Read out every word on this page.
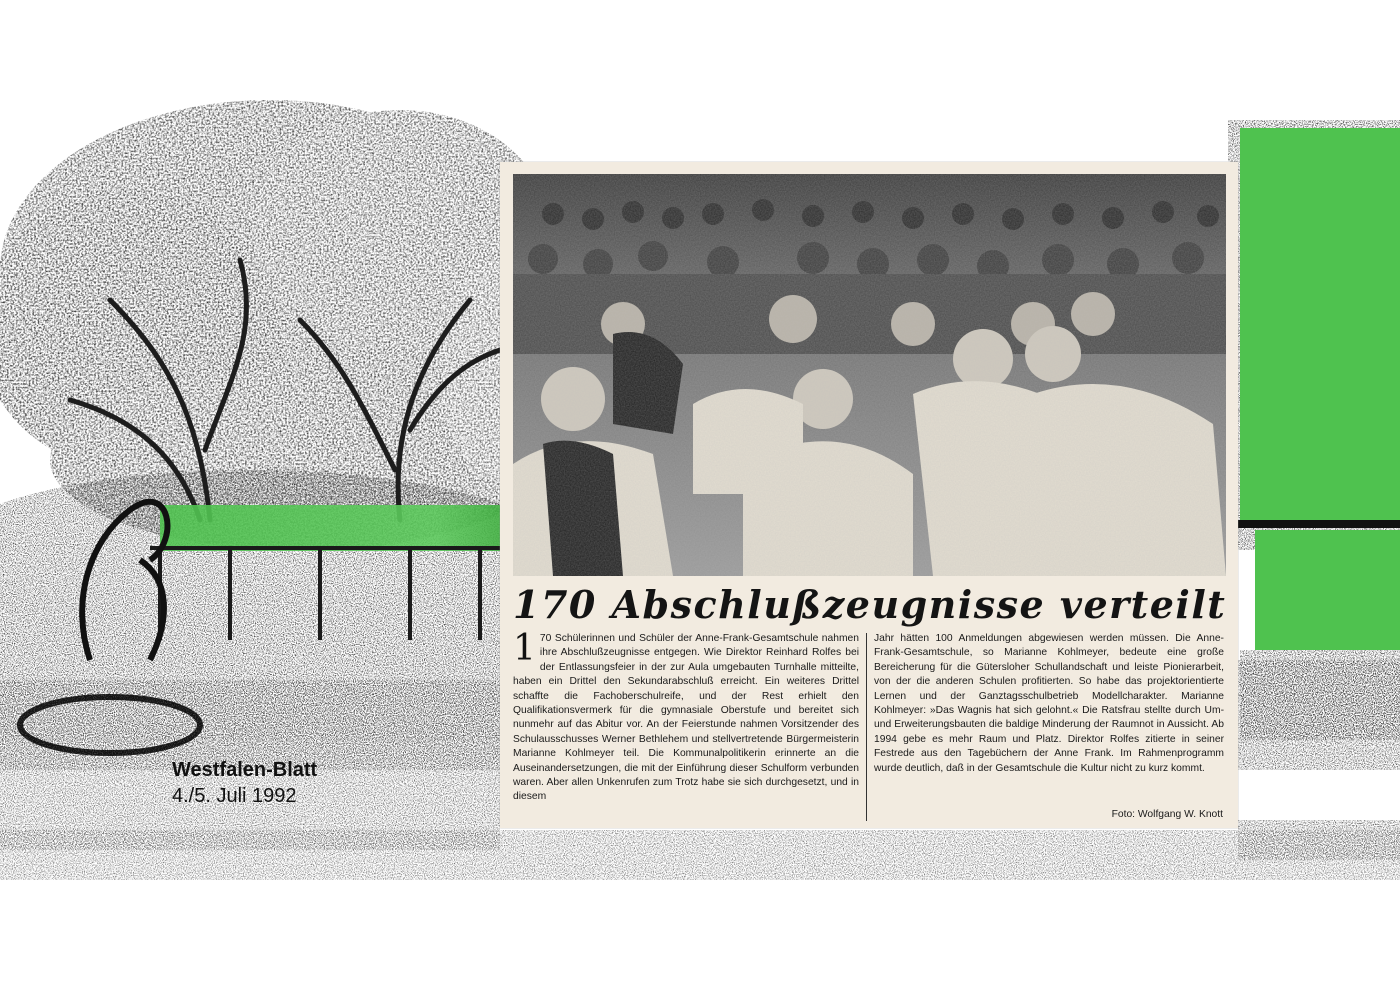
170 Abschlußzeugnisse verteilt

1 70 Schülerinnen und Schüler der Anne-Frank-Gesamtschule nahmen ihre Abschlußzeugnisse entgegen. Wie Direktor Reinhard Rolfes bei der Entlassungsfeier in der zur Aula umgebauten Turnhalle mitteilte, haben ein Drittel den Sekundarabschluß erreicht. Ein weiteres Drittel schaffte die Fachoberschulreife, und der Rest erhielt den Qualifikationsvermerk für die gymnasiale Oberstufe und bereitet sich nunmehr auf das Abitur vor. An der Feierstunde nahmen Vorsitzender des Schulausschusses Werner Bethlehem und stellvertretende Bürgermeisterin Marianne Kohlmeyer teil. Die Kommunalpolitikerin erinnerte an die Auseinandersetzungen, die mit der Einführung dieser Schulform verbunden waren. Aber allen Unkenrufen zum Trotz habe sie sich durchgesetzt, und in diesem

Jahr hätten 100 Anmeldungen abgewiesen werden müssen. Die Anne-Frank-Gesamtschule, so Marianne Kohlmeyer, bedeute eine große Bereicherung für die Gütersloher Schullandschaft und leiste Pionierarbeit, von der die anderen Schulen profitierten. So habe das projektorientierte Lernen und der Ganztagsschulbetrieb Modellcharakter. Marianne Kohlmeyer: »Das Wagnis hat sich gelohnt.« Die Ratsfrau stellte durch Um- und Erweiterungsbauten die baldige Minderung der Raumnot in Aussicht. Ab 1994 gebe es mehr Raum und Platz. Direktor Rolfes zitierte in seiner Festrede aus den Tagebüchern der Anne Frank. Im Rahmenprogramm wurde deutlich, daß in der Gesamtschule die Kultur nicht zu kurz kommt.

Foto: Wolfgang W. Knott
Westfalen-Blatt
4./5. Juli 1992
